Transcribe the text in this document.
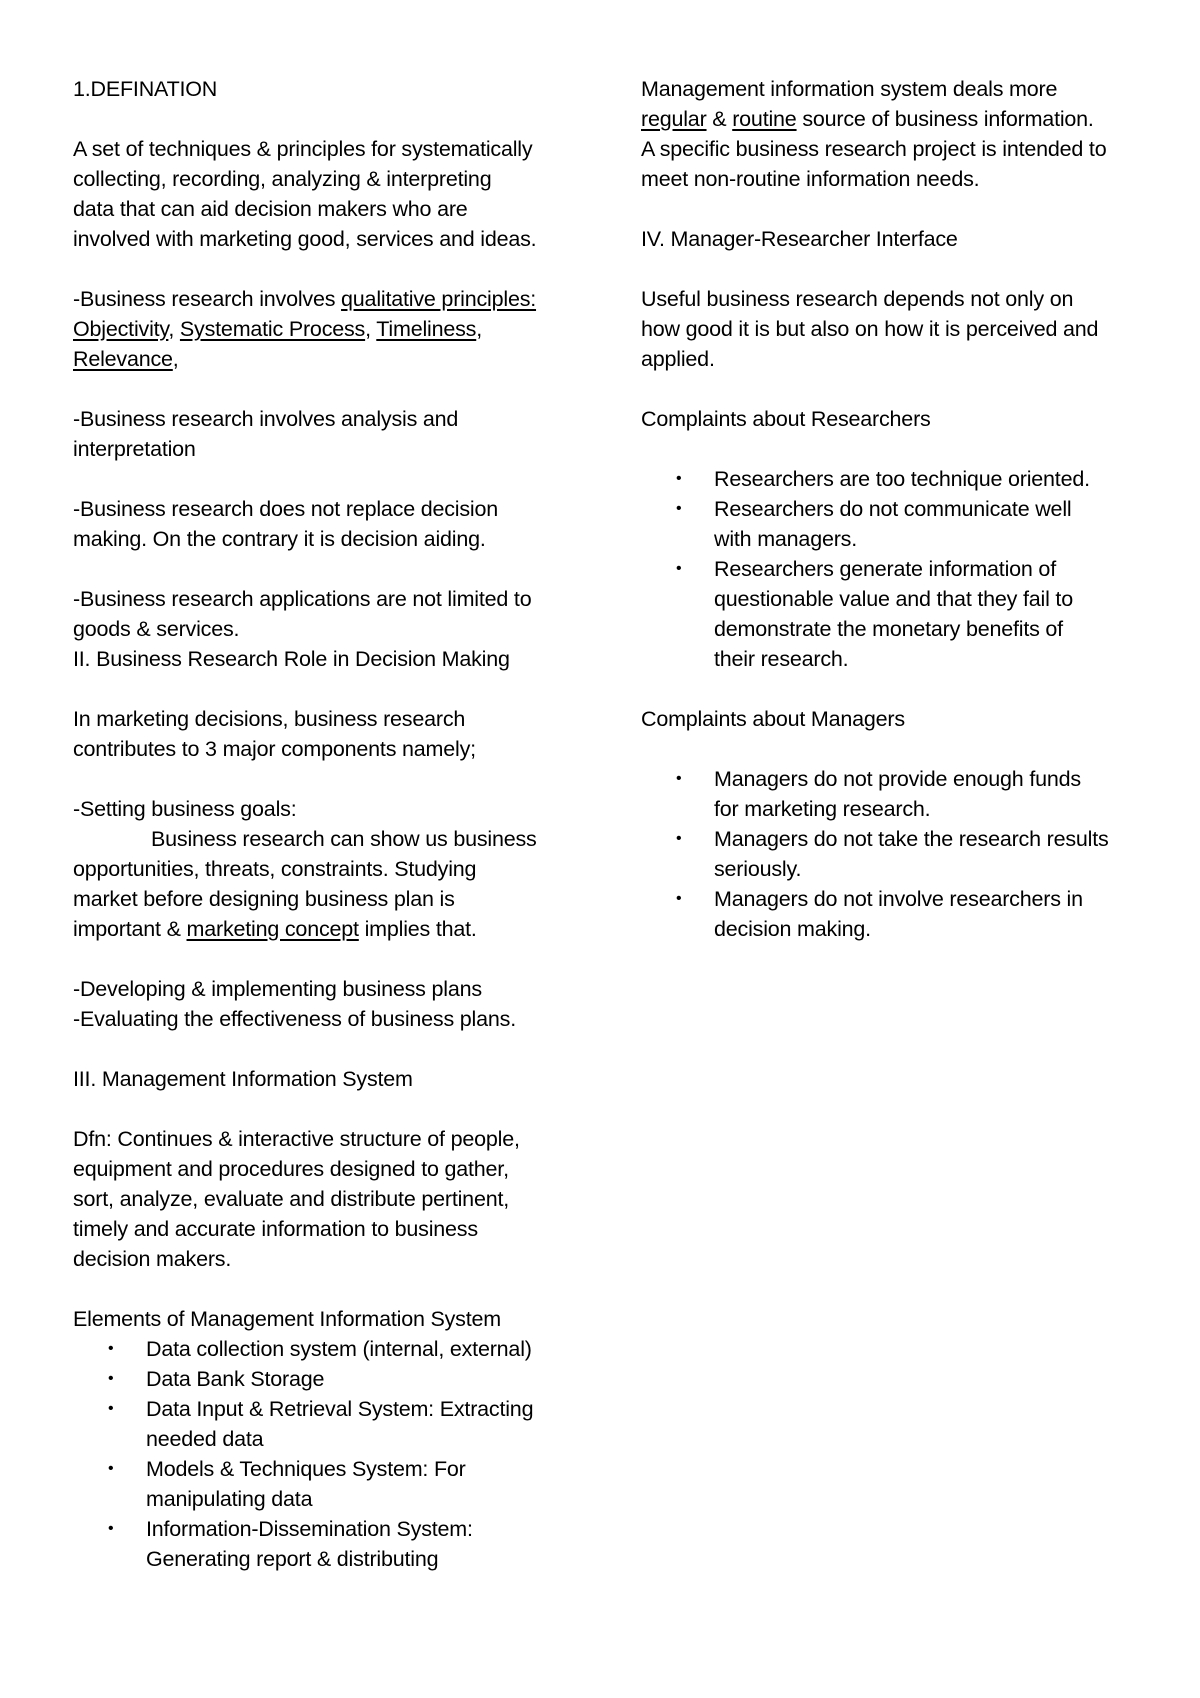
1.DEFINATION

A set of techniques & principles for systematically

collecting, recording, analyzing & interpreting

data that can aid decision makers who are

involved with marketing good, services and ideas.

-Business research involves qualitative principles:

Objectivity, Systematic Process, Timeliness,

Relevance,

-Business research involves analysis and

interpretation

-Business research does not replace decision

making. On the contrary it is decision aiding.

-Business research applications are not limited to

goods & services.

II. Business Research Role in Decision Making

In marketing decisions, business research

contributes to 3 major components namely;

-Setting business goals:

Business research can show us business

opportunities, threats, constraints. Studying

market before designing business plan is

important & marketing concept implies that.

-Developing & implementing business plans

-Evaluating the effectiveness of business plans.

III. Management Information System

Dfn: Continues & interactive structure of people,

equipment and procedures designed to gather,

sort, analyze, evaluate and distribute pertinent,

timely and accurate information to business

decision makers.

Elements of Management Information System

• Data collection system (internal, external)
• Data Bank Storage
• Data Input & Retrieval System: Extracting
needed data
• Models & Techniques System: For
manipulating data
• Information-Dissemination System:
Generating report & distributing

Management information system deals more

regular & routine source of business information.

A specific business research project is intended to

meet non-routine information needs.

IV. Manager-Researcher Interface

Useful business research depends not only on

how good it is but also on how it is perceived and

applied.

Complaints about Researchers

• Researchers are too technique oriented.
• Researchers do not communicate well
with managers.
• Researchers generate information of
questionable value and that they fail to
demonstrate the monetary benefits of
their research.

Complaints about Managers

• Managers do not provide enough funds
for marketing research.
• Managers do not take the research results
seriously.
• Managers do not involve researchers in
decision making.
